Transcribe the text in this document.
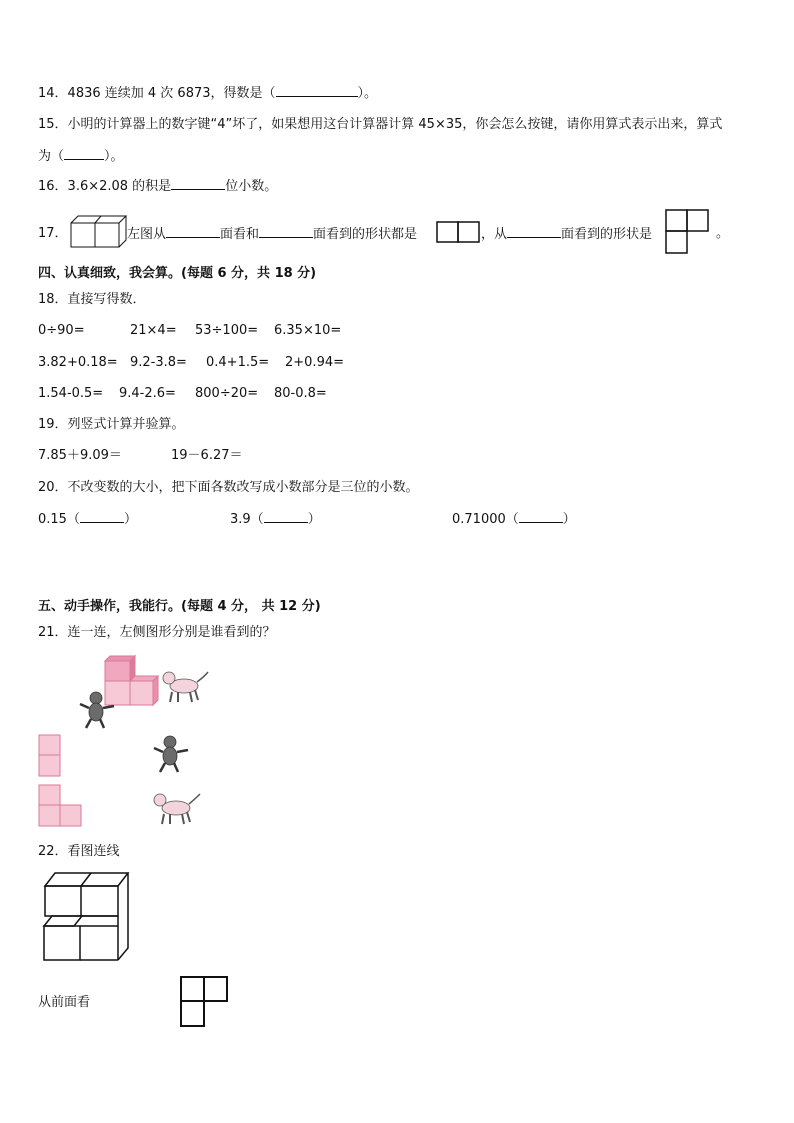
14．4836 连续加 4 次 6873，得数是（	）。
15．小明的计算器上的数字键“4”坏了，如果想用这台计算器计算 45×35，你会怎么按键，请你用算式表示出来，算式
为（	）。
16．3.6×2.08 的积是	位小数。
17．	左图从	面看和	面看到的形状都是	，从	面看到的形状是	。
四、认真细致，我会算。(每题 6 分，共 18 分)
18．直接写得数．
0÷90=	21×4= 53÷100= 6.35×10=
3.82+0.18= 9.2-3.8= 0.4+1.5= 2+0.94=
1.54-0.5= 9.4-2.6= 800÷20= 80-0.8=
19．列竖式计算并验算。
7.85＋9.09＝	19－6.27＝
20．不改变数的大小，把下面各数改写成小数部分是三位的小数。
0.15（	）	3.9（	）	0.71000（	）
五、动手操作，我能行。(每题 4 分， 共 12 分)
21．连一连，左侧图形分别是谁看到的？
22．看图连线
从前面看
